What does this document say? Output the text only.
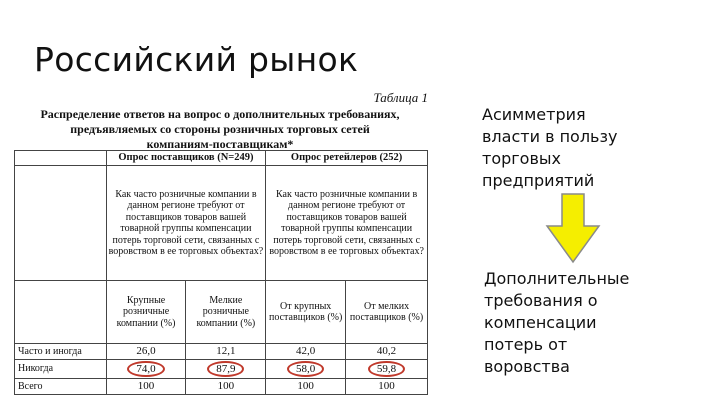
Российский рынок
Таблица 1
Распределение ответов на вопрос о дополнительных требованиях,
предъявляемых со стороны розничных торговых сетей
компаниям-поставщикам*
	Опрос поставщиков (N=249)		Опрос ретейлеров (252)	
	Как часто розничные компании в данном регионе требуют от поставщиков товаров вашей товарной группы компенсации потерь торговой сети, связанных с воровством в ее торговых объектах?		Как часто розничные компании в данном регионе требуют от поставщиков товаров вашей товарной группы компенсации потерь торговой сети, связанных с воровством в ее торговых объектах?	
	Крупные розничные компании (%)	Мелкие розничные компании (%)	От крупных поставщиков (%)	От мелких поставщиков (%)
Часто и иногда	26,0	12,1	42,0	40,2
Никогда	74,0	87,9	58,0	59,8
Всего	100	100	100	100
Асимметрия
власти в пользу
торговых
предприятий
Дополнительные
требования о
компенсации
потерь от
воровства
